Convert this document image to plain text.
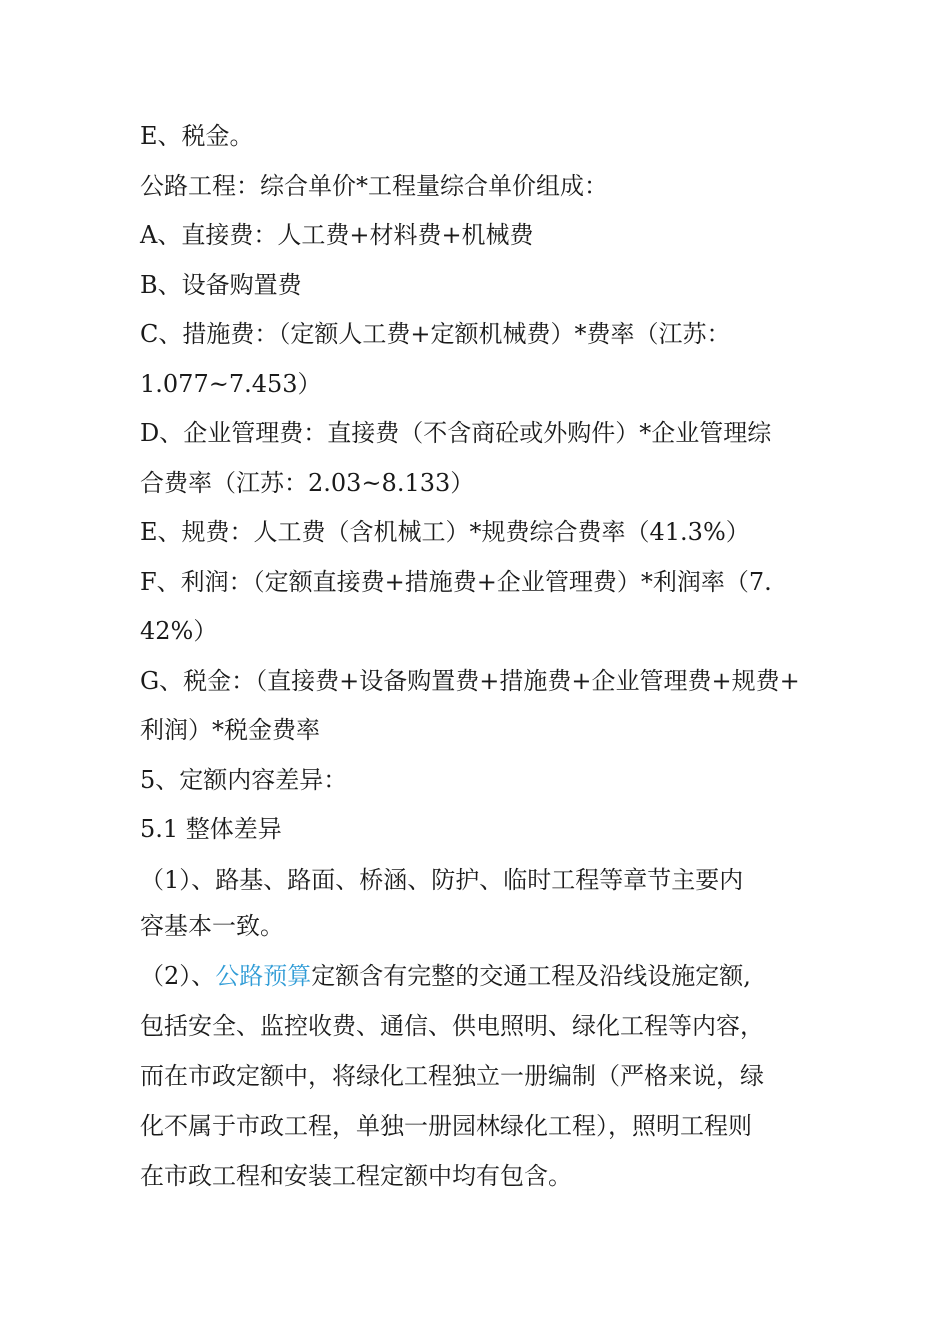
E、税金。

公路工程：综合单价*工程量综合单价组成：

A、直接费：人工费+材料费+机械费

B、设备购置费

C、措施费：（定额人工费+定额机械费）*费率（江苏：

1.077~7.453）

D、企业管理费：直接费（不含商砼或外购件）*企业管理综

合费率（江苏：2.03~8.133）

E、规费：人工费（含机械工）*规费综合费率（41.3%）

F、利润：（定额直接费+措施费+企业管理费）*利润率（7.

42%）

G、税金：（直接费+设备购置费+措施费+企业管理费+规费+

利润）*税金费率

5、定额内容差异：

5.1 整体差异

（1）、路基、路面、桥涵、防护、临时工程等章节主要内

容基本一致。

（2）、公路预算定额含有完整的交通工程及沿线设施定额,

包括安全、监控收费、通信、供电照明、绿化工程等内容，

而在市政定额中，将绿化工程独立一册编制（严格来说，绿

化不属于市政工程，单独一册园林绿化工程），照明工程则

在市政工程和安装工程定额中均有包含。
